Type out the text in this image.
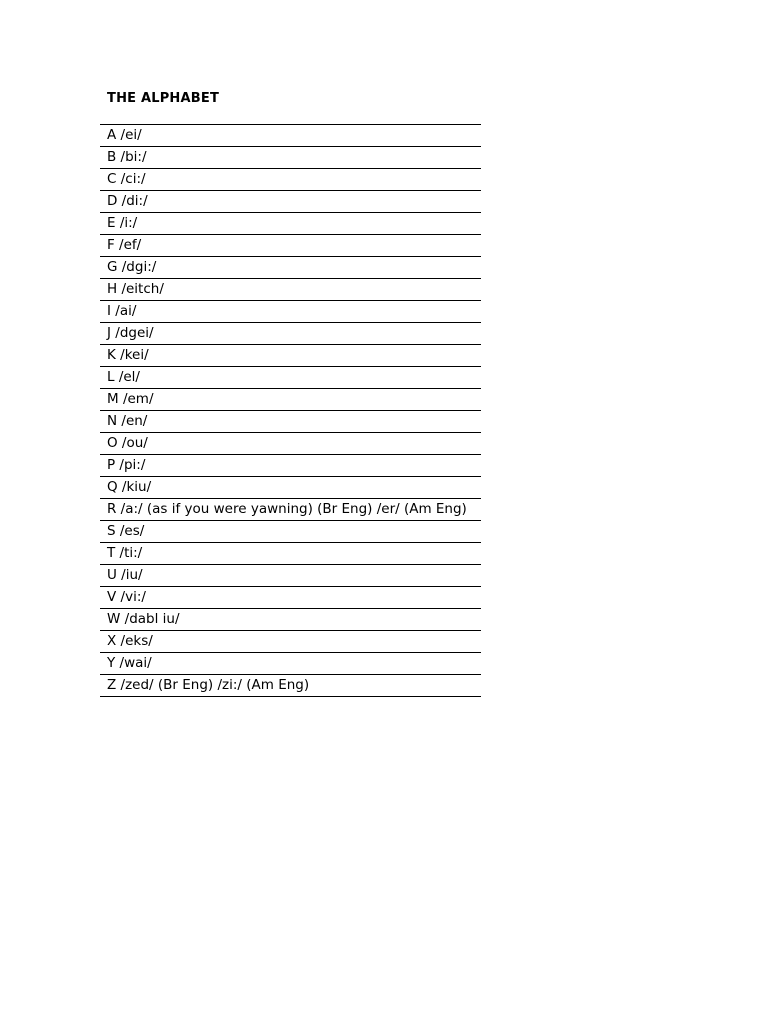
THE ALPHABET
A /ei/
B /bi:/
C /ci:/
D /di:/
E /i:/
F /ef/
G /dgi:/
H /eitch/
I /ai/
J /dgei/
K /kei/
L /el/
M /em/
N /en/
O /ou/
P /pi:/
Q /kiu/
R /a:/ (as if you were yawning) (Br Eng) /er/ (Am Eng)
S /es/
T /ti:/
U /iu/
V /vi:/
W /dabl iu/
X /eks/
Y /wai/
Z /zed/ (Br Eng) /zi:/ (Am Eng)
